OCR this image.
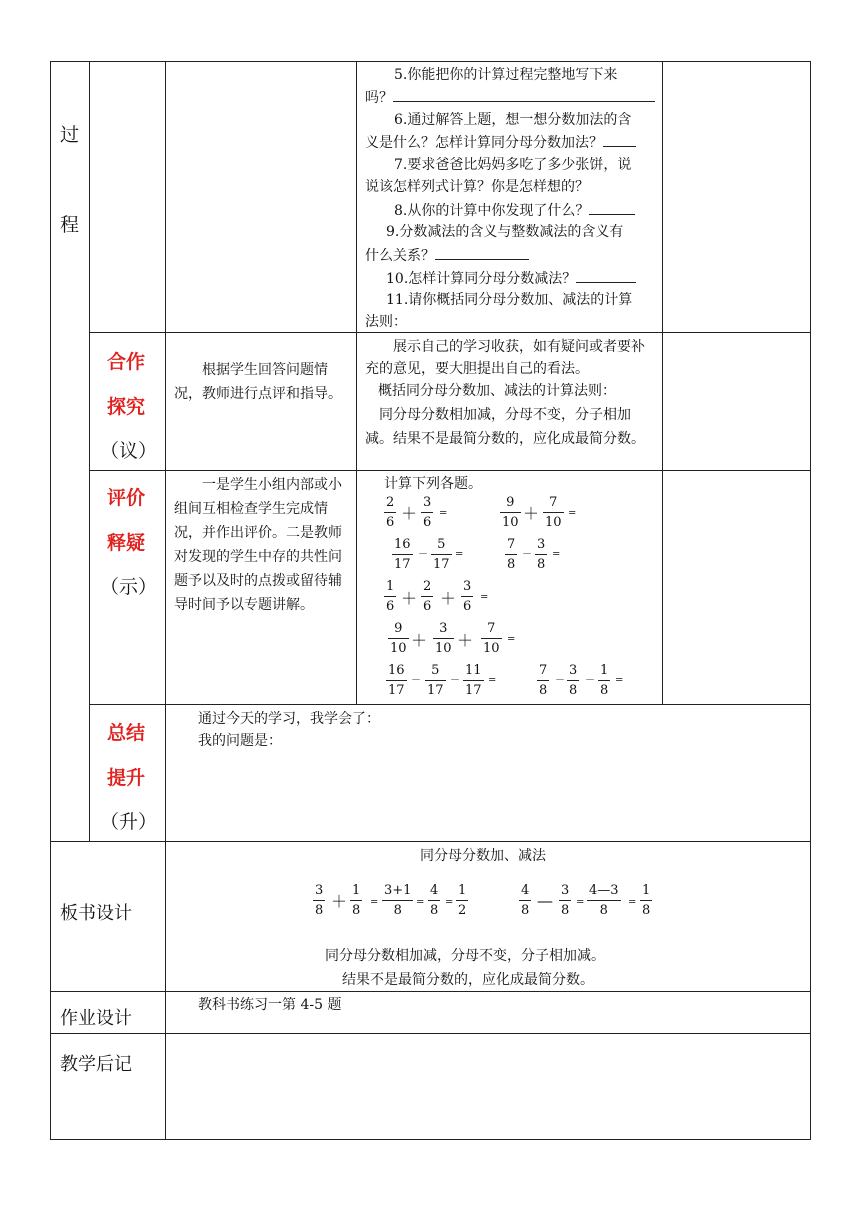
过
程
5.你能把你的计算过程完整地写下来
吗？
6.通过解答上题，想一想分数加法的含
义是什么？怎样计算同分母分数加法？
7.要求爸爸比妈妈多吃了多少张饼，说
说该怎样列式计算？你是怎样想的？
8.从你的计算中你发现了什么？
9.分数减法的含义与整数减法的含义有
什么关系？
10.怎样计算同分母分数减法？
11.请你概括同分母分数加、减法的计算
法则：
合作
探究
（议）
根据学生回答问题情况，教师进行点评和指导。
展示自己的学习收获，如有疑问或者要补充的意见，要大胆提出自己的看法。
概括同分母分数加、减法的计算法则：
同分母分数相加减，分母不变，分子相加减。结果不是最简分数的，应化成最简分数。
评价
释疑
（示）
一是学生小组内部或小组间互相检查学生完成情况，并作出评价。二是教师对发现的学生中存的共性问题予以及时的点拨或留待辅导时间予以专题讲解。
计算下列各题。
2
6 ＋
3
6
=
9
10 ＋
7
10
=
16
17
－
5
17
=
7
8
－
3
8
=
1
6 ＋
2
6 ＋
3
6
=
9
10 ＋
3
10 ＋
7
10
=
16
17
－
5
17
－
11
17
=
7
8
－
3
8
－
1
8
=
总结
提升
（升）
通过今天的学习，我学会了：
我的问题是：
板书设计
同分母分数加、减法
3
8 ＋
1
8
=
3+1
8
=
4
8
=
1
2
4
8
—
3
8
=
4—3
8
=
1
8
同分母分数相加减，分母不变，分子相加减。
结果不是最简分数的，应化成最简分数。
作业设计
教科书练习一第 4-5 题
教学后记
